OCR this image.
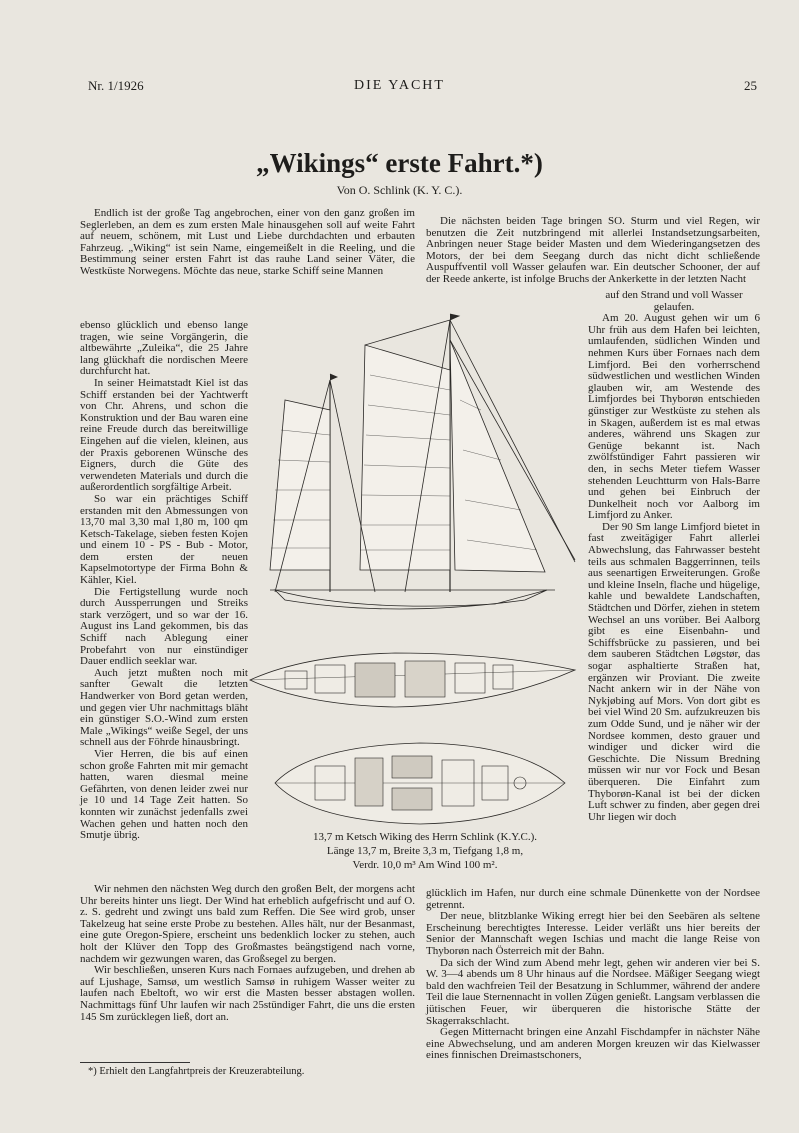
Nr. 1/1926	DIE YACHT	25
„Wikings“ erste Fahrt.*)
Von O. Schlink (K. Y. C.).

Endlich ist der große Tag angebrochen, einer von den ganz großen im Seglerleben, an dem es zum ersten Male hinausgehen soll auf weite Fahrt auf neuem, schönem, mit Lust und Liebe durchdachten und erbauten Fahrzeug. „Wiking“ ist sein Name, eingemeißelt in die Reeling, und die Bestimmung seiner ersten Fahrt ist das rauhe Land seiner Väter, die Westküste Norwegens. Möchte das neue, starke Schiff seine Mannen

ebenso glücklich und ebenso lange tragen, wie seine Vorgängerin, die altbewährte „Zuleika“, die 25 Jahre lang glückhaft die nordischen Meere durchfurcht hat.

In seiner Heimatstadt Kiel ist das Schiff erstanden bei der Yachtwerft von Chr. Ahrens, und schon die Konstruktion und der Bau waren eine reine Freude durch das bereitwillige Eingehen auf die vielen, kleinen, aus der Praxis geborenen Wünsche des Eigners, durch die Güte des verwendeten Materials und durch die außerordentlich sorgfältige Arbeit.

So war ein prächtiges Schiff erstanden mit den Abmessungen von 13,70 mal 3,30 mal 1,80 m, 100 qm Ketsch-Takelage, sieben festen Kojen und einem 10 - PS - Bub - Motor, dem ersten der neuen Kapselmotortype der Firma Bohn & Kähler, Kiel.

Die Fertigstellung wurde noch durch Aussperrungen und Streiks stark verzögert, und so war der 16. August ins Land gekommen, bis das Schiff nach Ablegung einer Probefahrt von nur einstündiger Dauer endlich seeklar war.

Auch jetzt mußten noch mit sanfter Gewalt die letzten Handwerker von Bord getan werden, und gegen vier Uhr nachmittags bläht ein günstiger S.O.-Wind zum ersten Male „Wikings“ weiße Segel, der uns schnell aus der Föhrde hinausbringt.

Vier Herren, die bis auf einen schon große Fahrten mit mir gemacht hatten, waren diesmal meine Gefährten, von denen leider zwei nur je 10 und 14 Tage Zeit hatten. So konnten wir zunächst jedenfalls zwei Wachen gehen und hatten noch den Smutje übrig.

Die nächsten beiden Tage bringen SO. Sturm und viel Regen, wir benutzen die Zeit nutzbringend mit allerlei Instandsetzungsarbeiten, Anbringen neuer Stage beider Masten und dem Wiederingangsetzen des Motors, der bei dem Seegang durch das nicht dicht schließende Auspuffventil voll Wasser gelaufen war. Ein deutscher Schooner, der auf der Reede ankerte, ist infolge Bruchs der Ankerkette in der letzten Nacht

auf den Strand und voll Wasser gelaufen.

Am 20. August gehen wir um 6 Uhr früh aus dem Hafen bei leichten, umlaufenden, südlichen Winden und nehmen Kurs über Fornaes nach dem Limfjord. Bei den vorherrschend südwestlichen und westlichen Winden glauben wir, am Westende des Limfjordes bei Thyborøn entschieden günstiger zur Westküste zu stehen als in Skagen, außerdem ist es mal etwas anderes, während uns Skagen zur Genüge bekannt ist. Nach zwölfstündiger Fahrt passieren wir den, in sechs Meter tiefem Wasser stehenden Leuchtturm von Hals-Barre und gehen bei Einbruch der Dunkelheit noch vor Aalborg im Limfjord zu Anker.

Der 90 Sm lange Limfjord bietet in fast zweitägiger Fahrt allerlei Abwechslung, das Fahrwasser besteht teils aus schmalen Baggerrinnen, teils aus seenartigen Erweiterungen. Große und kleine Inseln, flache und hügelige, kahle und bewaldete Landschaften, Städtchen und Dörfer, ziehen in stetem Wechsel an uns vorüber. Bei Aalborg gibt es eine Eisenbahn- und Schiffsbrücke zu passieren, und bei dem sauberen Städtchen Løgstør, das sogar asphaltierte Straßen hat, ergänzen wir Proviant. Die zweite Nacht ankern wir in der Nähe von Nykjøbing auf Mors. Von dort gibt es bei viel Wind 20 Sm. aufzukreuzen bis zum Odde Sund, und je näher wir der Nordsee kommen, desto grauer und windiger und dicker wird die Geschichte. Die Nissum Bredning müssen wir nur vor Fock und Besan überqueren. Die Einfahrt zum Thyborøn-Kanal ist bei der dicken Luft schwer zu finden, aber gegen drei Uhr liegen wir doch

Wir nehmen den nächsten Weg durch den großen Belt, der morgens acht Uhr bereits hinter uns liegt. Der Wind hat erheblich aufgefrischt und auf O. z. S. gedreht und zwingt uns bald zum Reffen. Die See wird grob, unser Takelzeug hat seine erste Probe zu bestehen. Alles hält, nur der Besanmast, eine gute Oregon-Spiere, erscheint uns bedenklich locker zu stehen, auch holt der Klüver den Topp des Großmastes beängstigend nach vorne, nachdem wir gezwungen waren, das Großsegel zu bergen.

Wir beschließen, unseren Kurs nach Fornaes aufzugeben, und drehen ab auf Ljushage, Samsø, um westlich Samsø in ruhigem Wasser weiter zu laufen nach Ebeltoft, wo wir erst die Masten besser abstagen wollen. Nachmittags fünf Uhr laufen wir nach 25stündiger Fahrt, die uns die ersten 145 Sm zurücklegen ließ, dort an.

glücklich im Hafen, nur durch eine schmale Dünenkette von der Nordsee getrennt.

Der neue, blitzblanke Wiking erregt hier bei den Seebären als seltene Erscheinung berechtigtes Interesse. Leider verläßt uns hier bereits der Senior der Mannschaft wegen Ischias und macht die lange Reise von Thyborøn nach Österreich mit der Bahn.

Da sich der Wind zum Abend mehr legt, gehen wir anderen vier bei S. W. 3—4 abends um 8 Uhr hinaus auf die Nordsee. Mäßiger Seegang wiegt bald den wachfreien Teil der Besatzung in Schlummer, während der andere Teil die laue Sternennacht in vollen Zügen genießt. Langsam verblassen die jütischen Feuer, wir überqueren die historische Stätte der Skagerrakschlacht.

Gegen Mitternacht bringen eine Anzahl Fischdampfer in nächster Nähe eine Abwechselung, und am anderen Morgen kreuzen wir das Kielwasser eines finnischen Dreimastschoners,

*) Erhielt den Langfahrtpreis der Kreuzerabteilung.
13,7 m Ketsch Wiking des Herrn Schlink (K.Y.C.).
Länge 13,7 m, Breite 3,3 m, Tiefgang 1,8 m,
Verdr. 10,0 m³ Am Wind 100 m².
